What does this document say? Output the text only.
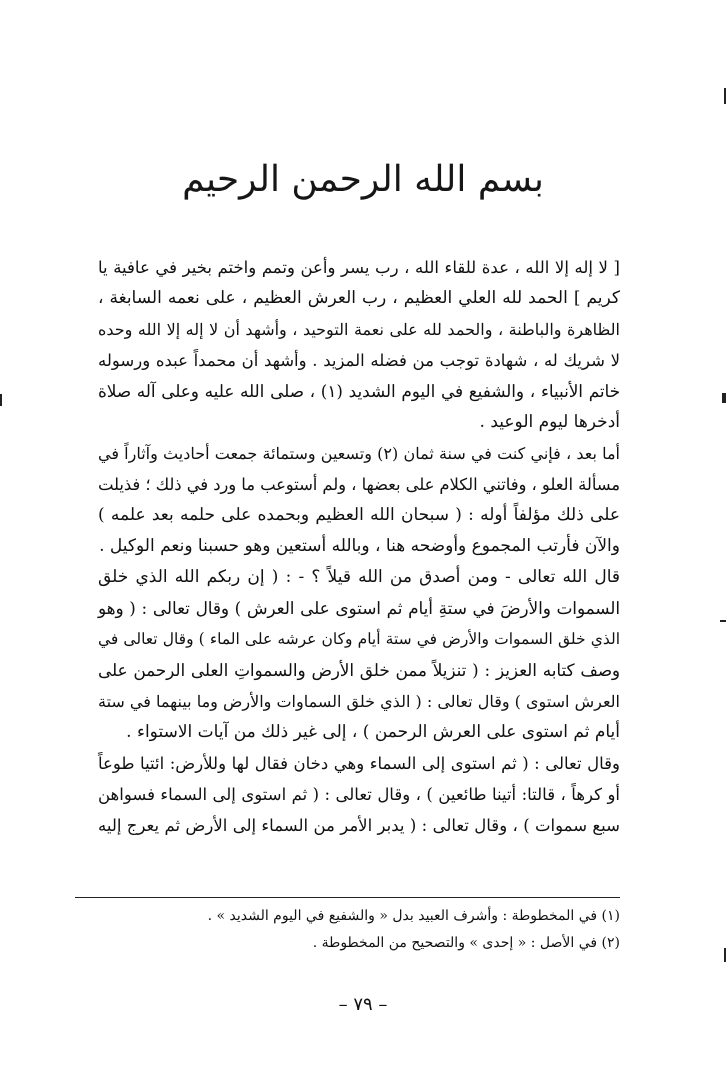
بسم الله الرحمن الرحيم
[ لا إله إلا الله ، عدة للقاء الله ، رب يسر وأعن وتمم واختم بخير في عافية يا
كريم ] الحمد لله العلي العظيم ، رب العرش العظيم ، على نعمه السابغة ،
الظاهرة والباطنة ، والحمد لله على نعمة التوحيد ، وأشهد أن لا إله إلا الله وحده
لا شريك له ، شهادة توجب من فضله المزيد . وأشهد أن محمداً عبده ورسوله
خاتم الأنبياء ، والشفيع في اليوم الشديد (١) ، صلى الله عليه وعلى آله صلاة
أدخرها ليوم الوعيد .
أما بعد ، فإني كنت في سنة ثمان (٢) وتسعين وستمائة جمعت أحاديث وآثاراً في
مسألة العلو ، وفاتني الكلام على بعضها ، ولم أستوعب ما ورد في ذلك ؛ فذيلت
على ذلك مؤلفاً أوله : ( سبحان الله العظيم وبحمده على حلمه بعد علمه )
والآن فأرتب المجموع وأوضحه هنا ، وبالله أستعين وهو حسبنا ونعم الوكيل .
قال الله تعالى - ومن أصدق من الله قيلاً ؟ - : ( إن ربكم الله الذي خلق
السموات والأرضَ في ستةِ أيام ثم استوى على العرش ) وقال تعالى : ( وهو
الذي خلق السموات والأرض في ستة أيام وكان عرشه على الماء ) وقال تعالى في
وصف كتابه العزيز : ( تنزيلاً ممن خلق الأرض والسمواتِ العلى الرحمن على
العرش استوى ) وقال تعالى : ( الذي خلق السماوات والأرض وما بينهما في ستة
أيام ثم استوى على العرش الرحمن ) ، إلى غير ذلك من آيات الاستواء .
وقال تعالى : ( ثم استوى إلى السماء وهي دخان فقال لها وللأرض: ائتيا طوعاً
أو كرهاً ، قالتا: أتينا طائعين ) ، وقال تعالى : ( ثم استوى إلى السماء فسواهن
سبع سموات ) ، وقال تعالى : ( يدبر الأمر من السماء إلى الأرض ثم يعرج إليه
(١) في المخطوطة : وأشرف العبيد بدل « والشفيع في اليوم الشديد » .
(٢) في الأصل : « إحدى » والتصحيح من المخطوطة .
– ٧٩ –
